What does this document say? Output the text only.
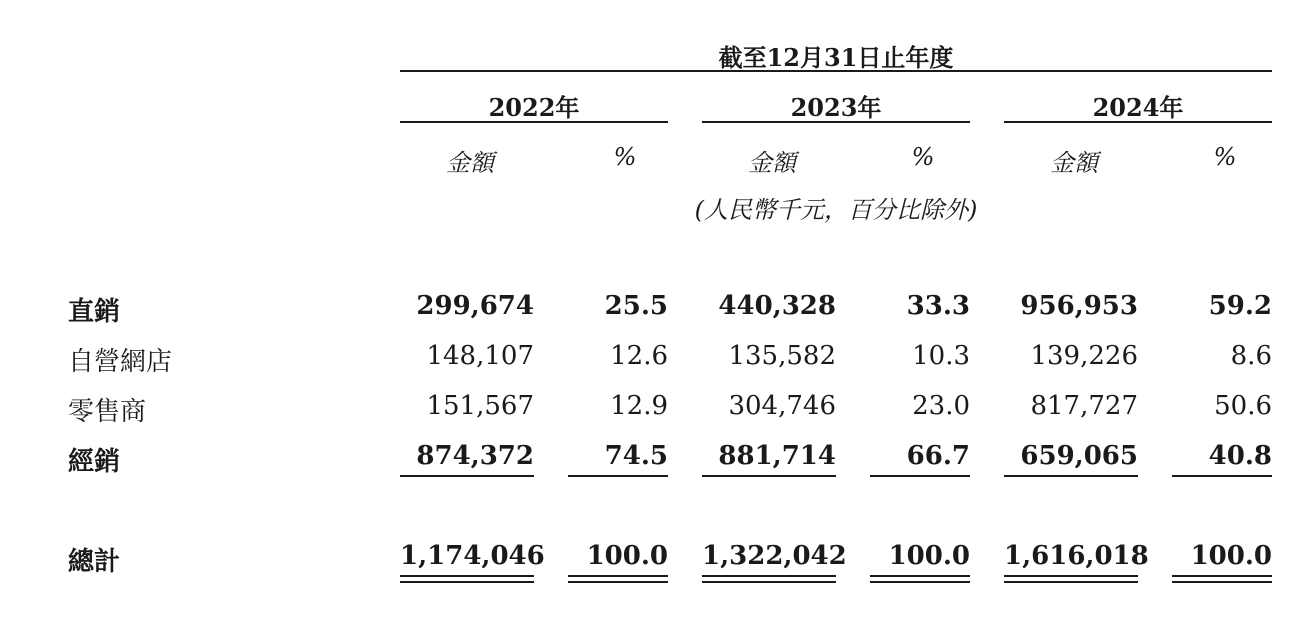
截至12月31日止年度
2022年	2023年	2024年
金額	%	金額	%	金額	%
(人民幣千元，百分比除外)
直銷	299,674	25.5	440,328	33.3	956,953	59.2
自營網店	148,107	12.6	135,582	10.3	139,226	8.6
零售商	151,567	12.9	304,746	23.0	817,727	50.6
經銷	874,372	74.5	881,714	66.7	659,065	40.8
總計	1,174,046	100.0 1,322,042	100.0 1,616,018	100.0
